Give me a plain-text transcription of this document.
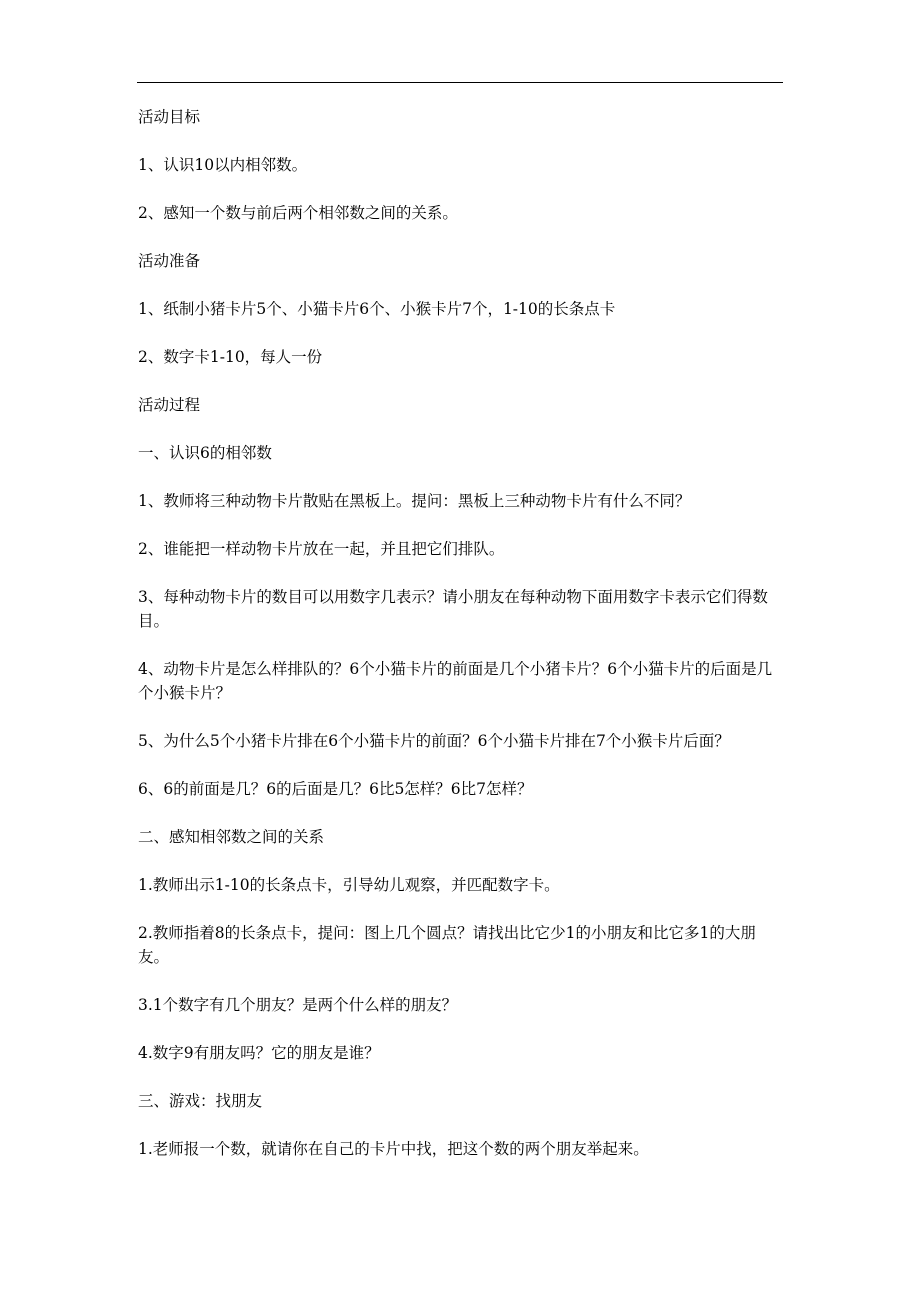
活动目标

1、认识10以内相邻数。

2、感知一个数与前后两个相邻数之间的关系。

活动准备

1、纸制小猪卡片5个、小猫卡片6个、小猴卡片7个，1-10的长条点卡

2、数字卡1-10，每人一份

活动过程

一、认识6的相邻数

1、教师将三种动物卡片散贴在黑板上。提问：黑板上三种动物卡片有什么不同？

2、谁能把一样动物卡片放在一起，并且把它们排队。

3、每种动物卡片的数目可以用数字几表示？请小朋友在每种动物下面用数字卡表示它们得数目。

4、动物卡片是怎么样排队的？6个小猫卡片的前面是几个小猪卡片？6个小猫卡片的后面是几个小猴卡片？

5、为什么5个小猪卡片排在6个小猫卡片的前面？6个小猫卡片排在7个小猴卡片后面？

6、6的前面是几？6的后面是几？6比5怎样？6比7怎样？

二、感知相邻数之间的关系

1.教师出示1-10的长条点卡，引导幼儿观察，并匹配数字卡。

2.教师指着8的长条点卡，提问：图上几个圆点？请找出比它少1的小朋友和比它多1的大朋友。

3.1个数字有几个朋友？是两个什么样的朋友？

4.数字9有朋友吗？它的朋友是谁？

三、游戏：找朋友

1.老师报一个数，就请你在自己的卡片中找，把这个数的两个朋友举起来。
